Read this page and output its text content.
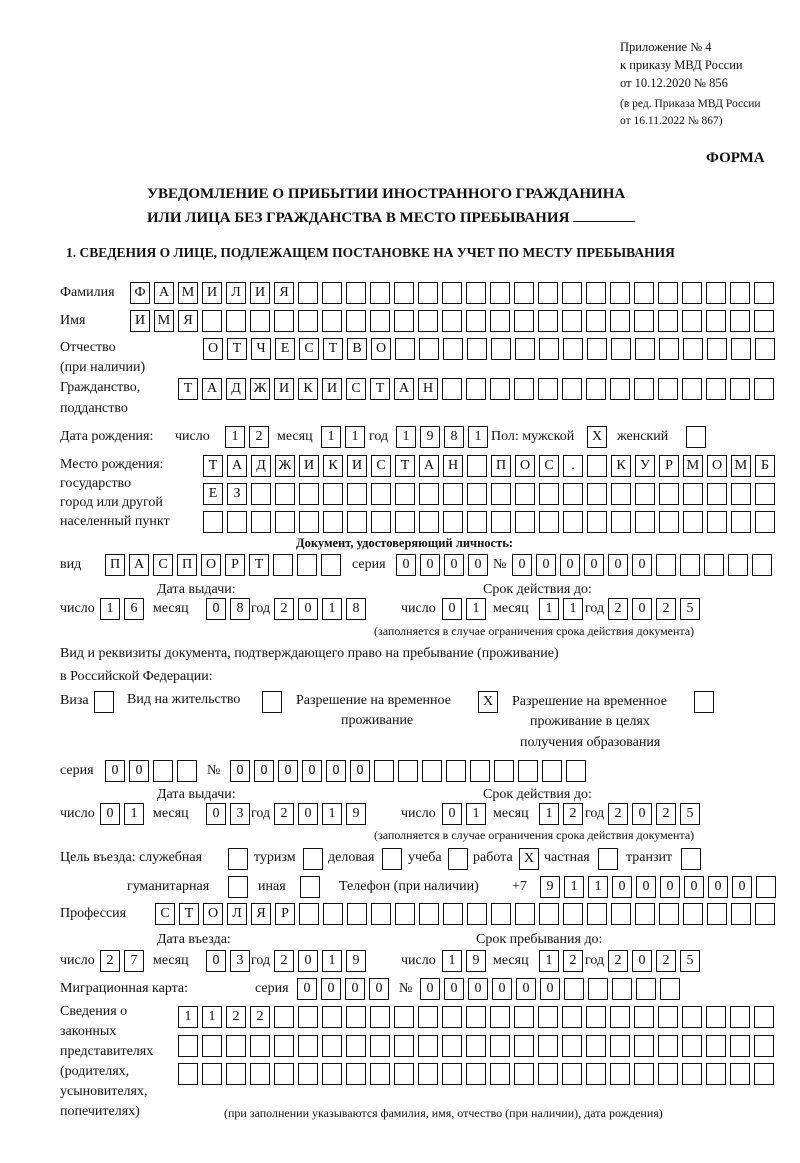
Приложение № 4
к приказу МВД России
от 10.12.2020 № 856
(в ред. Приказа МВД России
от 16.11.2022 № 867)
ФОРМА
УВЕДОМЛЕНИЕ О ПРИБЫТИИ ИНОСТРАННОГО ГРАЖДАНИНА
ИЛИ ЛИЦА БЕЗ ГРАЖДАНСТВА В МЕСТО ПРЕБЫВАНИЯ
1. СВЕДЕНИЯ О ЛИЦЕ, ПОДЛЕЖАЩЕМ ПОСТАНОВКЕ НА УЧЕТ ПО МЕСТУ ПРЕБЫВАНИЯ
Фамилия	Ф А М И	Л	И	Я
Имя	И М Я
Отчество
(при наличии)
О	Т	Ч	Е	С	Т	В	О
Гражданство,
подданство
Т	А	Д Ж И	К	И	С	Т	А Н
Дата рождения: число	1	2	месяц	1	1 год	1	9	8	1 Пол: мужской	X	женский
Место рождения:
государство
город или другой
населенный пункт
Т	А	Д Ж И	К	И	С	Т	А Н	П О	С	.	К	У	Р М О М Б
Е	З
Документ, удостоверяющий личность:
вид	П А	С	П О	Р	Т	серия	0	0	0	0 № 0	0	0	0	0	0
Дата выдачи:	Срок действия до:
число 1	6	месяц	0	8 год 2	0	1	8	число 0	1 месяц	1	1 год 2	0	2	5
(заполняется в случае ограничения срока действия документа)
Вид и реквизиты документа, подтверждающего право на пребывание (проживание)
в Российской Федерации:
Виза	Вид на жительство	Разрешение на временное
проживание
X	Разрешение на временное
проживание в целях
получения образования
серия	0	0	№	0	0	0	0	0	0
Дата выдачи:	Срок действия до:
число 0	1	месяц	0	3 год 2	0	1	9	число 0	1 месяц	1	2 год 2	0	2	5
(заполняется в случае ограничения срока действия документа)
Цель въезда: служебная	туризм деловая учеба работа X частная	транзит
гуманитарная	иная	Телефон (при наличии) +7	9	1	1	0	0	0	0	0	0
Профессия	С	Т	О	Л	Я	Р
Дата въезда:	Срок пребывания до:
число 2	7	месяц	0	3 год 2	0	1	9	число 1	9 месяц	1	2 год 2	0	2	5
Миграционная карта:	серия	0	0	0	0	№	0	0	0	0	0	0
Сведения о
законных
представителях
(родителях,
усыновителях,
попечителях)
1	1	2	2
(при заполнении указываются фамилия, имя, отчество (при наличии), дата рождения)
